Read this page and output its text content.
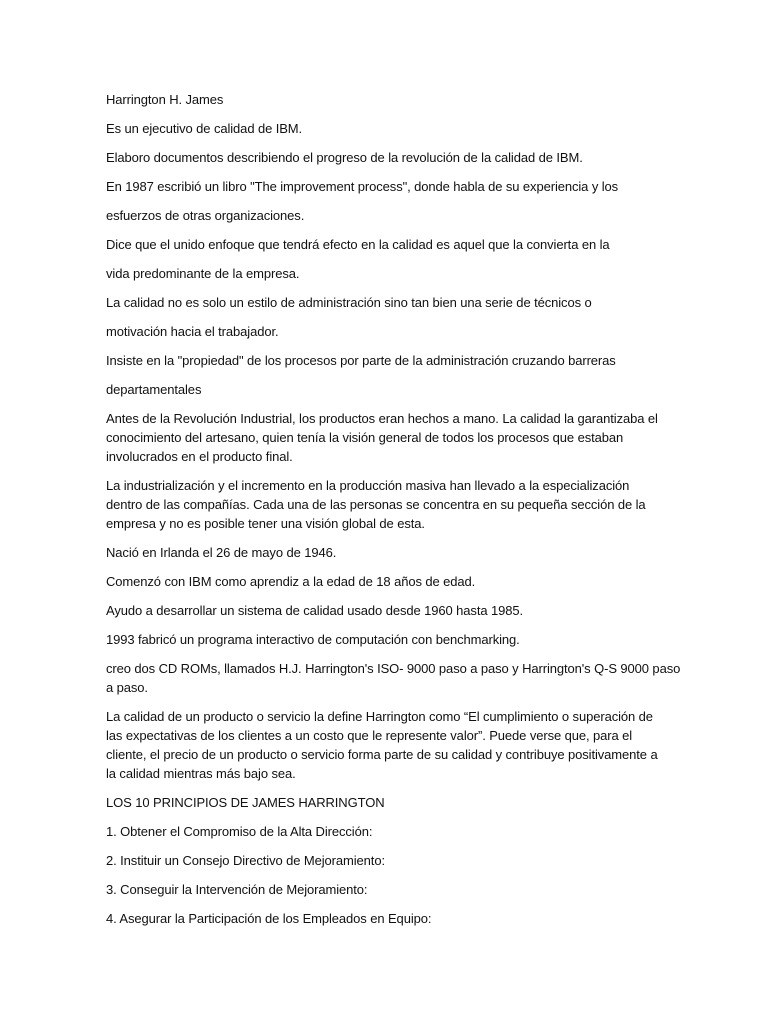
Harrington H. James

Es un ejecutivo de calidad de IBM.

Elaboro documentos describiendo el progreso de la revolución de la calidad de IBM.

En 1987 escribió un libro "The improvement process", donde habla de su experiencia y los

esfuerzos de otras organizaciones.

Dice que el unido enfoque que tendrá efecto en la calidad es aquel que la convierta en la

vida predominante de la empresa.

La calidad no es solo un estilo de administración sino tan bien una serie de técnicos o

motivación hacia el trabajador.

Insiste en la "propiedad" de los procesos por parte de la administración cruzando barreras

departamentales

Antes de la Revolución Industrial, los productos eran hechos a mano. La calidad la garantizaba el
conocimiento del artesano, quien tenía la visión general de todos los procesos que estaban
involucrados en el producto final.

La industrialización y el incremento en la producción masiva han llevado a la especialización
dentro de las compañías. Cada una de las personas se concentra en su pequeña sección de la
empresa y no es posible tener una visión global de esta.

Nació en Irlanda el 26 de mayo de 1946.

Comenzó con IBM como aprendiz a la edad de 18 años de edad.

Ayudo a desarrollar un sistema de calidad usado desde 1960 hasta 1985.

1993 fabricó un programa interactivo de computación con benchmarking.

creo dos CD ROMs, llamados H.J. Harrington's ISO- 9000 paso a paso y Harrington's Q-S 9000 paso
a paso.

La calidad de un producto o servicio la define Harrington como “El cumplimiento o superación de
las expectativas de los clientes a un costo que le represente valor”. Puede verse que, para el
cliente, el precio de un producto o servicio forma parte de su calidad y contribuye positivamente a
la calidad mientras más bajo sea.

LOS 10 PRINCIPIOS DE JAMES HARRINGTON

1. Obtener el Compromiso de la Alta Dirección:

2. Instituir un Consejo Directivo de Mejoramiento:

3. Conseguir la Intervención de Mejoramiento:

4. Asegurar la Participación de los Empleados en Equipo:
